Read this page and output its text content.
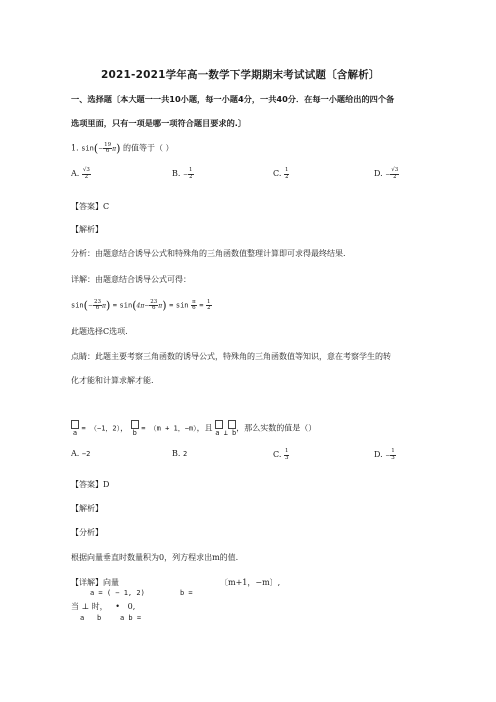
2021-2021学年高一数学下学期期末考试试题〔含解析〕
一、选择题〔本大题一一共10小题，每一小题4分，一共40分．在每一小题给出的四个备
选项里面，只有一项是哪一项符合题目要求的.〕
1. $\sin(- \frac{19}{6} \pi)$ 的值等于（ ）
A. $\frac{√3}{2}$	B. − $\frac{1}{2}$	C. $\frac{1}{2}$	D. − $\frac{√3}{2}$
【答案】C
【解析】
分析：由题意结合诱导公式和特殊角的三角函数值整理计算即可求得最终结果.
详解：由题意结合诱导公式可得：
$\sin(- \frac{23}{6} \pi) = \sin(4\pi- \frac{23}{6} \pi) = \sin \frac{\pi}{6} = \frac{1}{2}$
此题选择C选项.
点睛：此题主要考察三角函数的诱导公式，特殊角的三角函数值等知识，意在考察学生的转
化才能和计算求解才能.

a = （−1，2），
b = （m + 1，−m），且
a ⊥ b，那么实数的值是（）
A. −2	B. 2	C. $\frac{1}{3}$	D. − $\frac{1}{3}$
【答案】D
【解析】
【分析】
根据向量垂直时数量积为0，列方程求出m的值.
【详解】向量
a = ( − 1, 2)	b =
〔m+1，−m〕,
当 ⊥ 时， • 0,
a b	a b =
